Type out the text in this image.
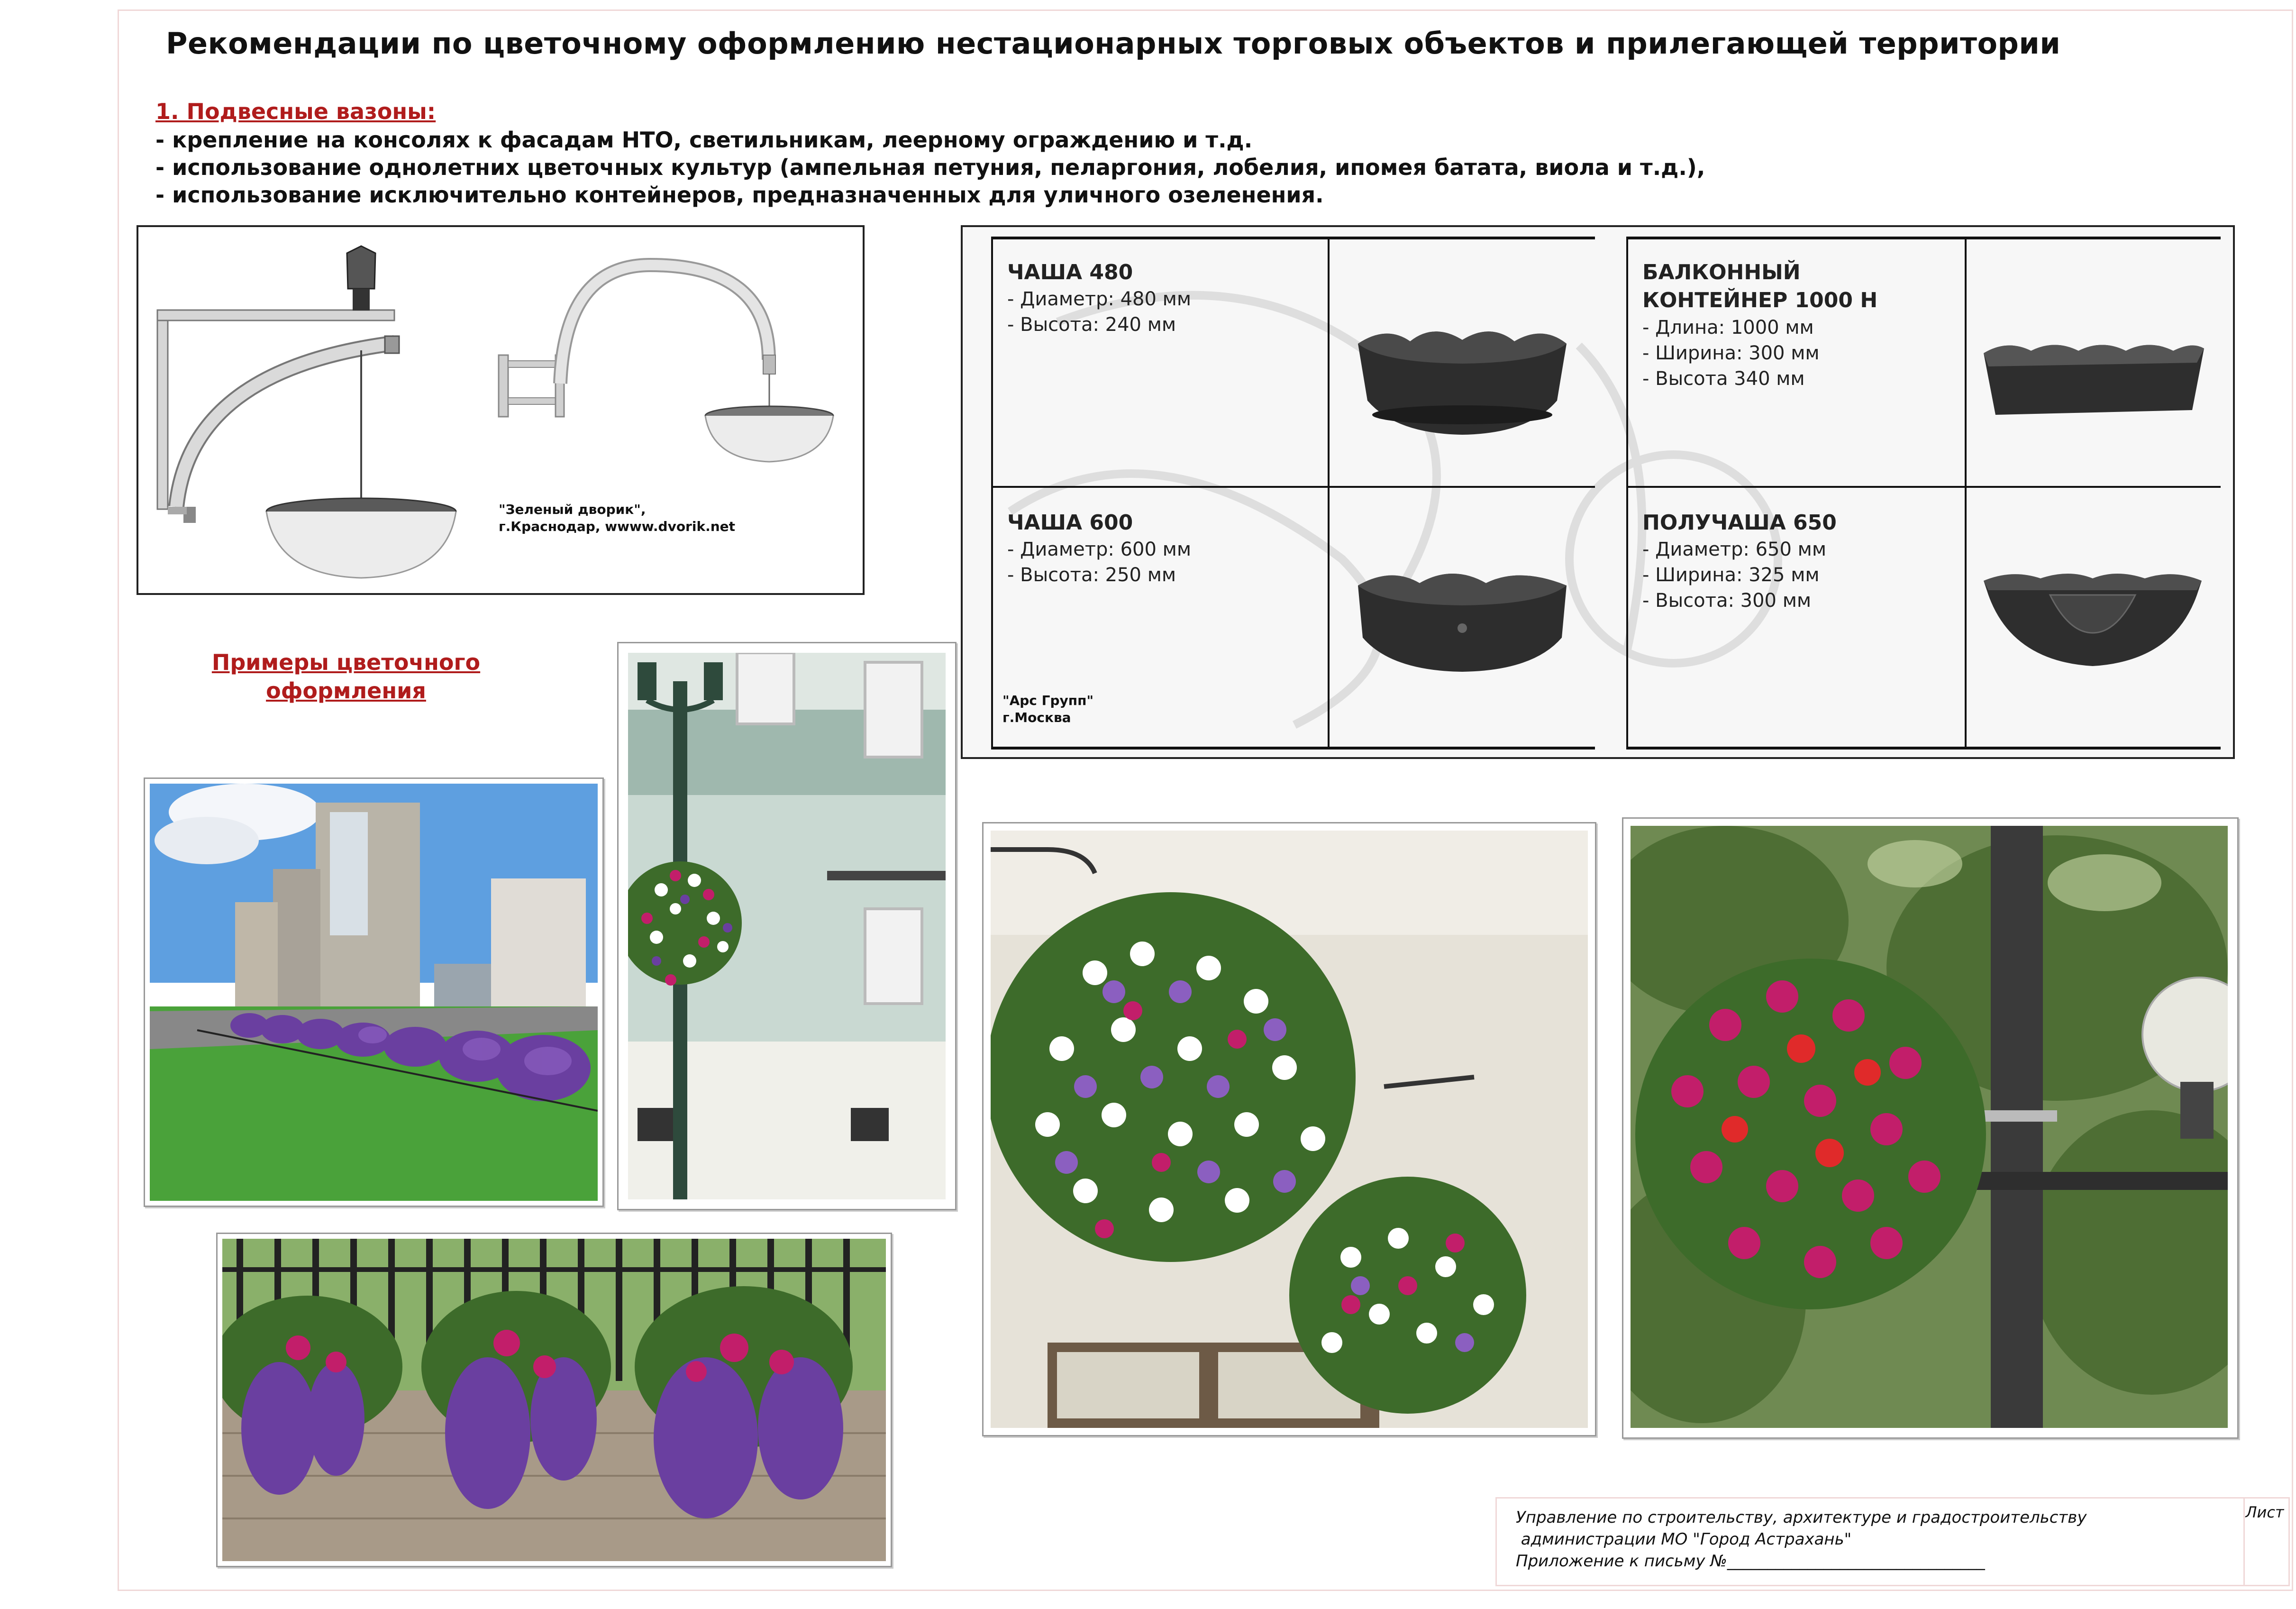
Рекомендации по цветочному оформлению нестационарных торговых объектов и прилегающей территории
1. Подвесные вазоны:
- крепление на консолях к фасадам НТО, светильникам, леерному ограждению и т.д.
- использование однолетних цветочных культур (ампельная петуния, пеларгония, лобелия, ипомея батата, виола и т.д.),
- использование исключительно контейнеров, предназначенных для уличного озеленения.
"Зеленый дворик",
г.Краснодар, wwww.dvorik.net
ЧАША 480
- Диаметр: 480 мм
- Высота: 240 мм
ЧАША 600
- Диаметр: 600 мм
- Высота: 250 мм
"Арс Групп"
г.Москва
БАЛКОННЫЙ
КОНТЕЙНЕР 1000 Н
- Длина: 1000 мм
- Ширина: 300 мм
- Высота 340 мм
ПОЛУЧАША 650
- Диаметр: 650 мм
- Ширина: 325 мм
- Высота: 300 мм
Примеры цветочного
оформления
Управление по строительству, архитектуре и градостроительству
администрации МО "Город Астрахань"
Приложение к письму №________________________________
Лист
